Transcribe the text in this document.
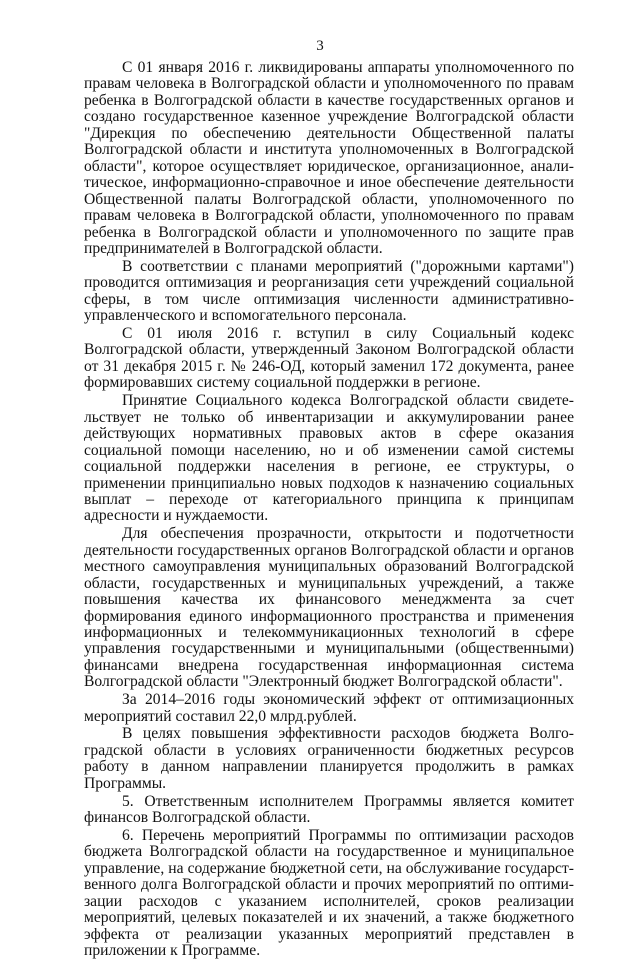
3

С 01 января 2016 г. ликвидированы аппараты уполномоченного по правам человека в Волгоградской области и уполномоченного по правам ребенка в Волгоградской области в качестве государственных органов и создано государственное казенное учреждение Волгоградской области "Дирекция по обеспечению деятельности Общественной палаты Волгоградской области и института уполномоченных в Волгоградской области", которое осуществляет юридическое, организационное, аналитическое, информационно-справочное и иное обеспечение деятельности Общественной палаты Волгоградской области, уполномоченного по правам человека в Волгоградской области, уполномоченного по правам ребенка в Волгоградской области и уполномоченного по защите прав предпринимателей в Волгоградской области.

В соответствии с планами мероприятий ("дорожными картами") проводится оптимизация и реорганизация сети учреждений социальной сферы, в том числе оптимизация численности административно-управленческого и вспомогательного персонала.

С 01 июля 2016 г. вступил в силу Социальный кодекс Волгоградской области, утвержденный Законом Волгоградской области от 31 декабря 2015 г. № 246-ОД, который заменил 172 документа, ранее формировавших систему социальной поддержки в регионе.

Принятие Социального кодекса Волгоградской области свидетельствует не только об инвентаризации и аккумулировании ранее действующих нормативных правовых актов в сфере оказания социальной помощи населению, но и об изменении самой системы социальной поддержки населения в регионе, ее структуры, о применении принципиально новых подходов к назначению социальных выплат – переходе от категориального принципа к принципам адресности и нуждаемости.

Для обеспечения прозрачности, открытости и подотчетности деятельности государственных органов Волгоградской области и органов местного самоуправления муниципальных образований Волгоградской области, государственных и муниципальных учреждений, а также повышения качества их финансового менеджмента за счет формирования единого информационного пространства и применения информационных и телекоммуникационных технологий в сфере управления государственными и муниципальными (общественными) финансами внедрена государственная информационная система Волгоградской области "Электронный бюджет Волгоградской области".

За 2014–2016 годы экономический эффект от оптимизационных мероприятий составил 22,0 млрд.рублей.

В целях повышения эффективности расходов бюджета Волгоградской области в условиях ограниченности бюджетных ресурсов работу в данном направлении планируется продолжить в рамках Программы.

5. Ответственным исполнителем Программы является комитет финансов Волгоградской области.

6. Перечень мероприятий Программы по оптимизации расходов бюджета Волгоградской области на государственное и муниципальное управление, на содержание бюджетной сети, на обслуживание государственного долга Волгоградской области и прочих мероприятий по оптимизации расходов с указанием исполнителей, сроков реализации мероприятий, целевых показателей и их значений, а также бюджетного эффекта от реализации указанных мероприятий представлен в приложении к Программе.
